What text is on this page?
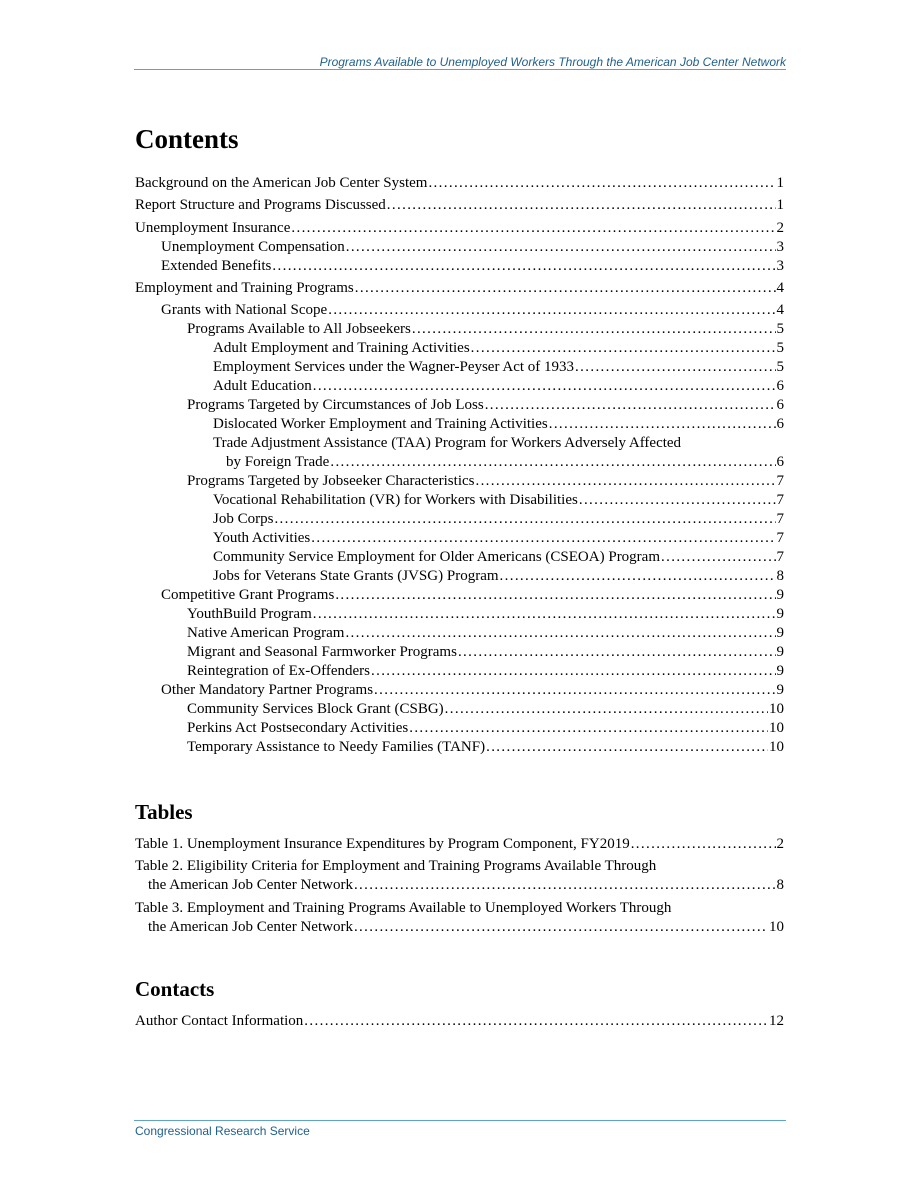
Programs Available to Unemployed Workers Through the American Job Center Network
Contents
Background on the American Job Center System . . .	1
Report Structure and Programs Discussed . . .	1
Unemployment Insurance . . .	2
Unemployment Compensation . . .	3
Extended Benefits . . .	3
Employment and Training Programs . . .	4
Grants with National Scope . . .	4
Programs Available to All Jobseekers . . .	5
Adult Employment and Training Activities . . .	5
Employment Services under the Wagner-Peyser Act of 1933 . . .	5
Adult Education . . .	6
Programs Targeted by Circumstances of Job Loss . . .	6
Dislocated Worker Employment and Training Activities . . .	6
Trade Adjustment Assistance (TAA) Program for Workers Adversely Affected
by Foreign Trade . . .	6
Programs Targeted by Jobseeker Characteristics . . .	7
Vocational Rehabilitation (VR) for Workers with Disabilities . . .	7
Job Corps . . .	7
Youth Activities . . .	7
Community Service Employment for Older Americans (CSEOA) Program . . .	7
Jobs for Veterans State Grants (JVSG) Program . . .	8
Competitive Grant Programs . . .	9
YouthBuild Program . . .	9
Native American Program . . .	9
Migrant and Seasonal Farmworker Programs . . .	9
Reintegration of Ex-Offenders . . .	9
Other Mandatory Partner Programs . . .	9
Community Services Block Grant (CSBG) . . .	10
Perkins Act Postsecondary Activities . . .	10
Temporary Assistance to Needy Families (TANF) . . .	10
Tables
Table 1. Unemployment Insurance Expenditures by Program Component, FY2019 . . .	2
Table 2. Eligibility Criteria for Employment and Training Programs Available Through
the American Job Center Network . . .	8
Table 3. Employment and Training Programs Available to Unemployed Workers Through
the American Job Center Network . . .	10
Contacts
Author Contact Information . . .	12
Congressional Research Service
